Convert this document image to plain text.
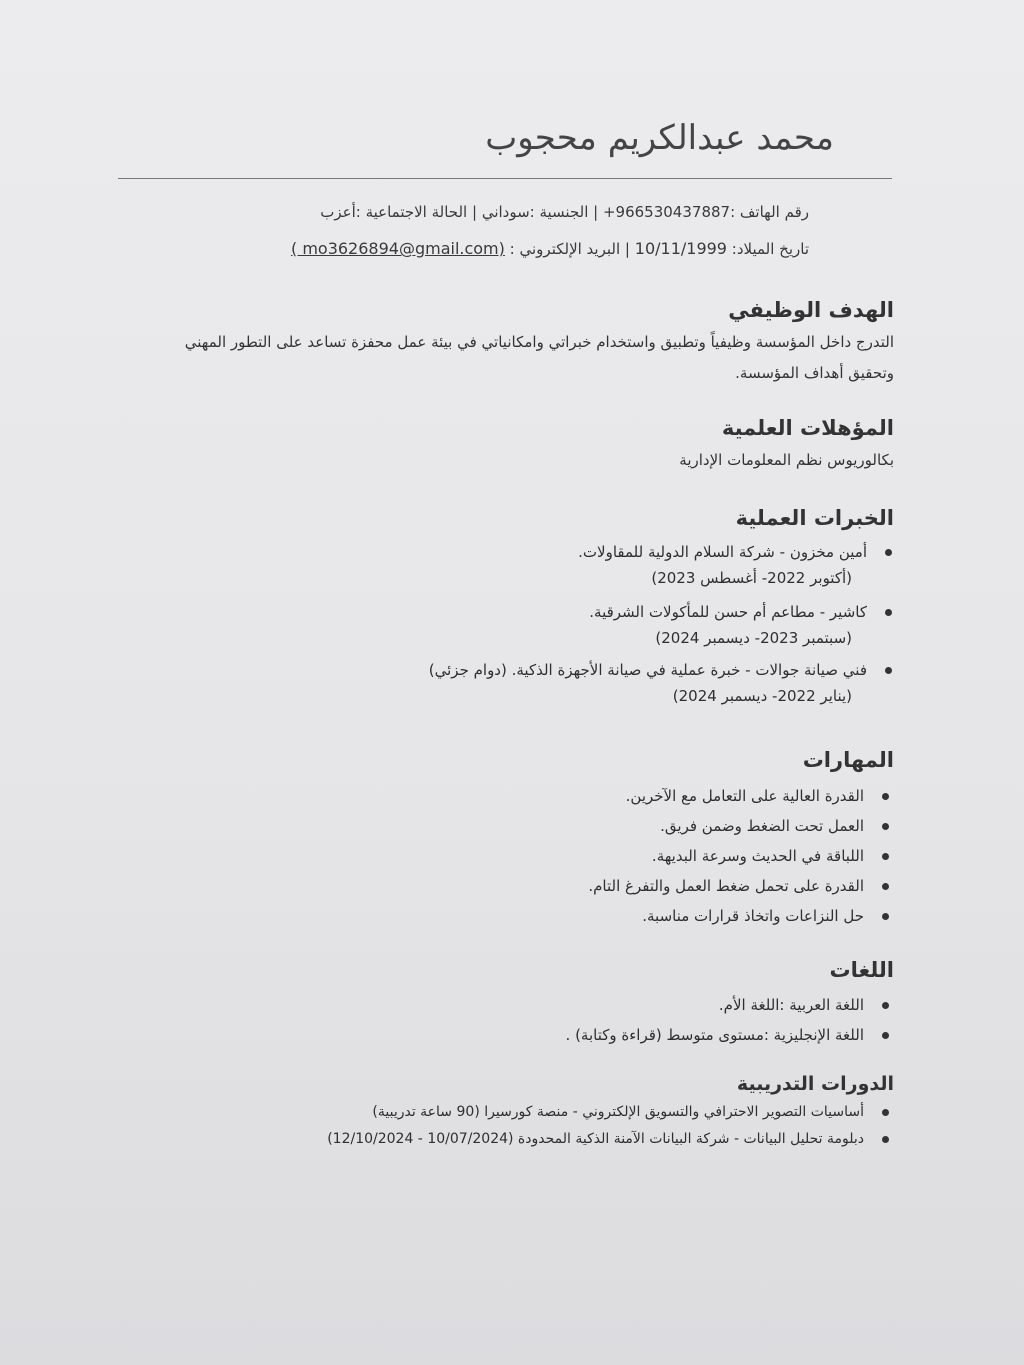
محمد عبدالكريم محجوب
رقم الهاتف :966530437887+ | الجنسية :سوداني | الحالة الاجتماعية :أعزب
تاريخ الميلاد: 10/11/1999 | البريد الإلكتروني : ( mo3626894@gmail.com)
الهدف الوظيفي
التدرج داخل المؤسسة وظيفياً وتطبيق واستخدام خبراتي وامكانياتي في بيئة عمل محفزة تساعد على التطور المهني
وتحقيق أهداف المؤسسة.
المؤهلات العلمية
بكالوريوس نظم المعلومات الإدارية
الخبرات العملية
أمين مخزون - شركة السلام الدولية للمقاولات.
(أكتوبر 2022- أغسطس 2023)
كاشير - مطاعم أم حسن للمأكولات الشرقية.
(سبتمبر 2023- ديسمبر 2024)
فني صيانة جوالات - خبرة عملية في صيانة الأجهزة الذكية. (دوام جزئي)
(يناير 2022- ديسمبر 2024)
المهارات
القدرة العالية على التعامل مع الآخرين.
العمل تحت الضغط وضمن فريق.
اللباقة في الحديث وسرعة البديهة.
القدرة على تحمل ضغط العمل والتفرغ التام.
حل النزاعات واتخاذ قرارات مناسبة.
اللغات
اللغة العربية :اللغة الأم.
اللغة الإنجليزية :مستوى متوسط (قراءة وكتابة) .
الدورات التدريبية
أساسيات التصوير الاحترافي والتسويق الإلكتروني - منصة كورسيرا (90 ساعة تدريبية)
دبلومة تحليل البيانات - شركة البيانات الآمنة الذكية المحدودة (10/07/2024 - 12/10/2024)
